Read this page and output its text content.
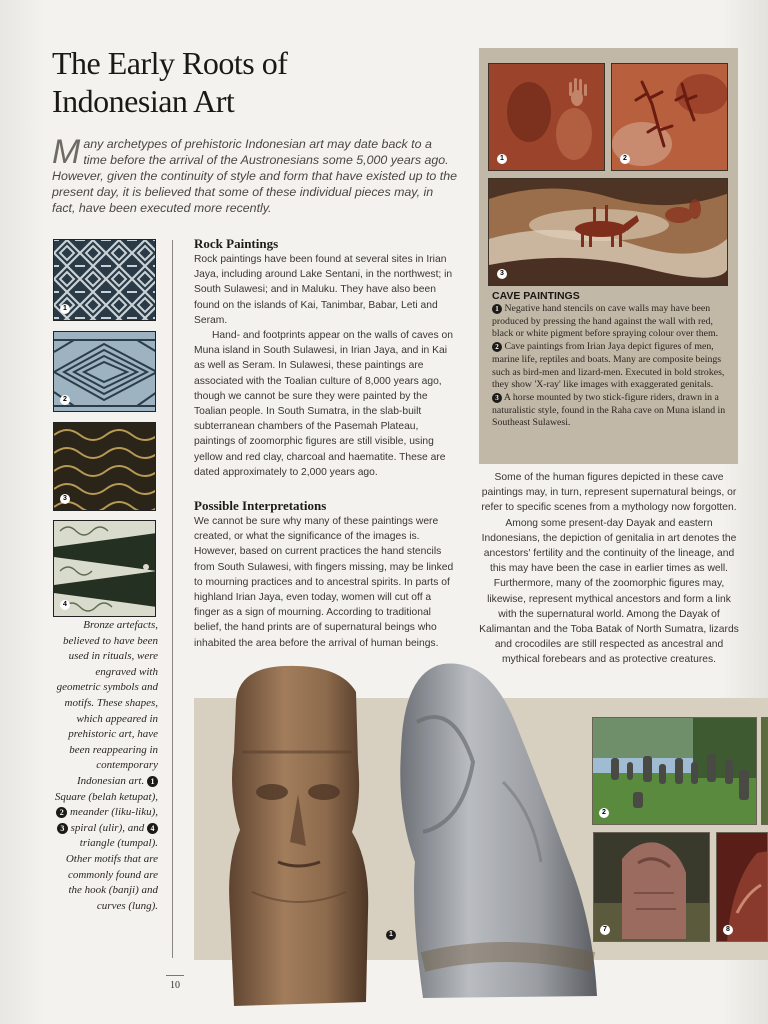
The Early Roots of Indonesian Art

Many archetypes of prehistoric Indonesian art may date back to a time before the arrival of the Austronesians some 5,000 years ago. However, given the continuity of style and form that have existed up to the present day, it is believed that some of these individual pieces may, in fact, have been executed more recently.

1
2
3
4

Bronze artefacts, believed to have been used in rituals, were engraved with geometric symbols and motifs. These shapes, which appeared in prehistoric art, have been reappearing in contemporary Indonesian art. 1 Square (belah ketupat), 2 meander (liku-liku), 3 spiral (ulir), and 4 triangle (tumpal). Other motifs that are commonly found are the hook (banji) and curves (lung).

Rock Paintings

Rock paintings have been found at several sites in Irian Jaya, including around Lake Sentani, in the northwest; in South Sulawesi; and in Maluku. They have also been found on the islands of Kai, Tanimbar, Babar, Leti and Seram.

Hand- and footprints appear on the walls of caves on Muna island in South Sulawesi, in Irian Jaya, and in Kai as well as Seram. In Sulawesi, these paintings are associated with the Toalian culture of 8,000 years ago, though we cannot be sure they were painted by the Toalian people. In South Sumatra, in the slab-built subterranean chambers of the Pasemah Plateau, paintings of zoomorphic figures are still visible, using yellow and red clay, charcoal and haematite. These are dated approximately to 2,000 years ago.

Possible Interpretations

We cannot be sure why many of these paintings were created, or what the significance of the images is. However, based on current practices the hand stencils from South Sulawesi, with fingers missing, may be linked to mourning practices and to ancestral spirits. In parts of highland Irian Jaya, even today, women will cut off a finger as a sign of mourning. According to traditional belief, the hand prints are of supernatural beings who inhabited the area before the arrival of human beings.

1	2
3

CAVE PAINTINGS

1 Negative hand stencils on cave walls may have been produced by pressing the hand against the wall with red, black or white pigment before spraying colour over them.
2 Cave paintings from Irian Jaya depict figures of men, marine life, reptiles and boats. Many are composite beings such as bird-men and lizard-men. Executed in bold strokes, they show 'X-ray' like images with exaggerated genitals.
3 A horse mounted by two stick-figure riders, drawn in a naturalistic style, found in the Raha cave on Muna island in Southeast Sulawesi.

Some of the human figures depicted in these cave paintings may, in turn, represent supernatural beings, or refer to specific scenes from a mythology now forgotten. Among some present-day Dayak and eastern Indonesians, the depiction of genitalia in art denotes the ancestors' fertility and the continuity of the lineage, and this may have been the case in earlier times as well. Furthermore, many of the zoomorphic figures may, likewise, represent mythical ancestors and form a link with the supernatural world. Among the Dayak of Kalimantan and the Toba Batak of North Sumatra, lizards and crocodiles are still respected as ancestral and mythical forebears and as protective creatures.

2
7	8
1

10
